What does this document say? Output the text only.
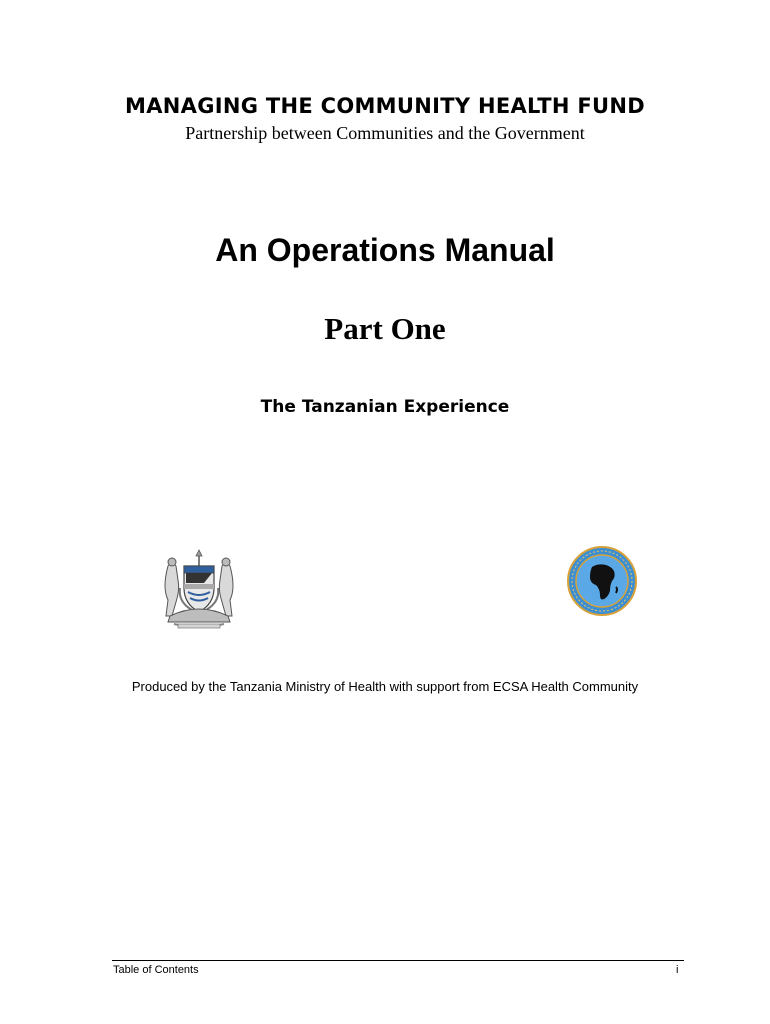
MANAGING THE COMMUNITY HEALTH FUND
Partnership between Communities and the Government
An Operations Manual
Part One
The Tanzanian Experience
Produced by the Tanzania Ministry of Health with support from ECSA Health Community
Table of Contents	i
